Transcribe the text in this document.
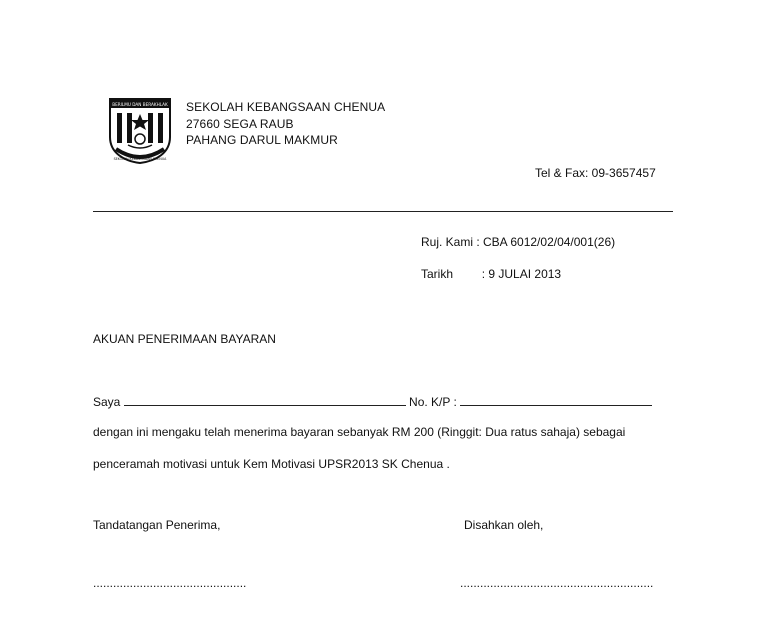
BERILMU DAN BERAKHLAK
SEKOLAH KEBANGSAAN CHENUA
SEKOLAH KEBANGSAAN CHENUA
27660 SEGA RAUB
PAHANG DARUL MAKMUR
Tel & Fax: 09-3657457
Ruj. Kami : CBA 6012/02/04/001(26)
Tarikh : 9 JULAI 2013
AKUAN PENERIMAAN BAYARAN
Saya	No. K/P :
dengan ini mengaku telah menerima bayaran sebanyak RM 200 (Ringgit: Dua ratus sahaja) sebagai
penceramah motivasi untuk Kem Motivasi UPSR2013 SK Chenua .
Tandatangan Penerima,	Disahkan oleh,
..............................................	..........................................................
